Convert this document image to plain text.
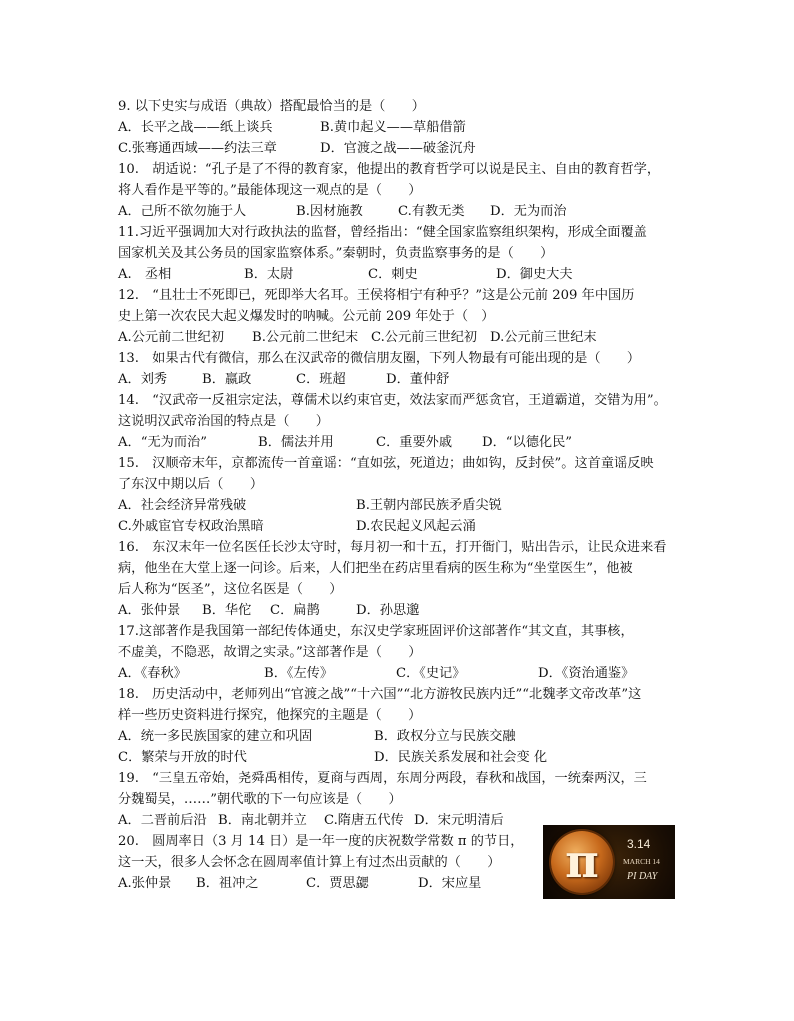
9. 以下史实与成语（典故）搭配最恰当的是（　　）
A．长平之战——纸上谈兵	B.黄巾起义——草船借箭
C.张骞通西域——约法三章	D．官渡之战——破釜沉舟
10.　胡适说：“孔子是了不得的教育家，他提出的教育哲学可以说是民主、自由的教育哲学，
将人看作是平等的。”最能体现这一观点的是（　　）
A．己所不欲勿施于人	B.因材施教	C.有教无类 D．无为而治
11.习近平强调加大对行政执法的监督，曾经指出：“健全国家监察组织架构，形成全面覆盖
国家机关及其公务员的国家监察体系。”秦朝时，负责监察事务的是（　　）
A.　丞相	B．太尉	C．刺史	D．御史大夫
12.　“且壮士不死即已，死即举大名耳。王侯将相宁有种乎？”这是公元前 209 年中国历
史上第一次农民大起义爆发时的呐喊。公元前 209 年处于（　）
A.公元前二世纪初 B.公元前二世纪末 C.公元前三世纪初 D.公元前三世纪末
13.　如果古代有微信，那么在汉武帝的微信朋友圈，下列人物最有可能出现的是（　　）
A．刘秀	B．嬴政	C．班超	D．董仲舒
14.　“汉武帝一反祖宗定法，尊儒术以约束官吏，效法家而严惩贪官，王道霸道，交错为用”。
这说明汉武帝治国的特点是（　　）
A．“无为而治”	B．儒法并用	C．重要外戚 D．“以德化民”
15.　汉顺帝末年，京都流传一首童谣：“直如弦，死道边；曲如钩，反封侯”。这首童谣反映
了东汉中期以后（　　）
A．社会经济异常残破	B.王朝内部民族矛盾尖锐
C.外戚宦官专权政治黑暗	D.农民起义风起云涌
16.　东汉末年一位名医任长沙太守时，每月初一和十五，打开衙门，贴出告示，让民众进来看
病，他坐在大堂上逐一问诊。后来，人们把坐在药店里看病的医生称为“坐堂医生”，他被
后人称为“医圣”，这位名医是（　　）
A．张仲景 B．华佗 C．扁鹊	D．孙思邈
17.这部著作是我国第一部纪传体通史，东汉史学家班固评价这部著作“其文直，其事核，
不虚美，不隐恶，故谓之实录。”这部著作是（　　）
A．《春秋》	B．《左传》	C．《史记》	D．《资治通鉴》
18.　历史活动中，老师列出“官渡之战”“十六国”“北方游牧民族内迁”“北魏孝文帝改革”这
样一些历史资料进行探究，他探究的主题是（　　）
A．统一多民族国家的建立和巩固	B．政权分立与民族交融
C．繁荣与开放的时代	D．民族关系发展和社会变 化
19.　“三皇五帝始，尧舜禹相传，夏商与西周，东周分两段，春秋和战国，一统秦两汉，三
分魏蜀吴，……”朝代歌的下一句应该是（　　）
A．二晋前后沿 B．南北朝并立 C.隋唐五代传 D．宋元明清后
20.　圆周率日（3 月 14 日）是一年一度的庆祝数学常数 π 的节日，
这一天，很多人会怀念在圆周率值计算上有过杰出贡献的（　　）
A.张仲景 B．祖冲之	C．贾思勰	D．宋应星	π	3.14
MARCH 14
PI DAY
